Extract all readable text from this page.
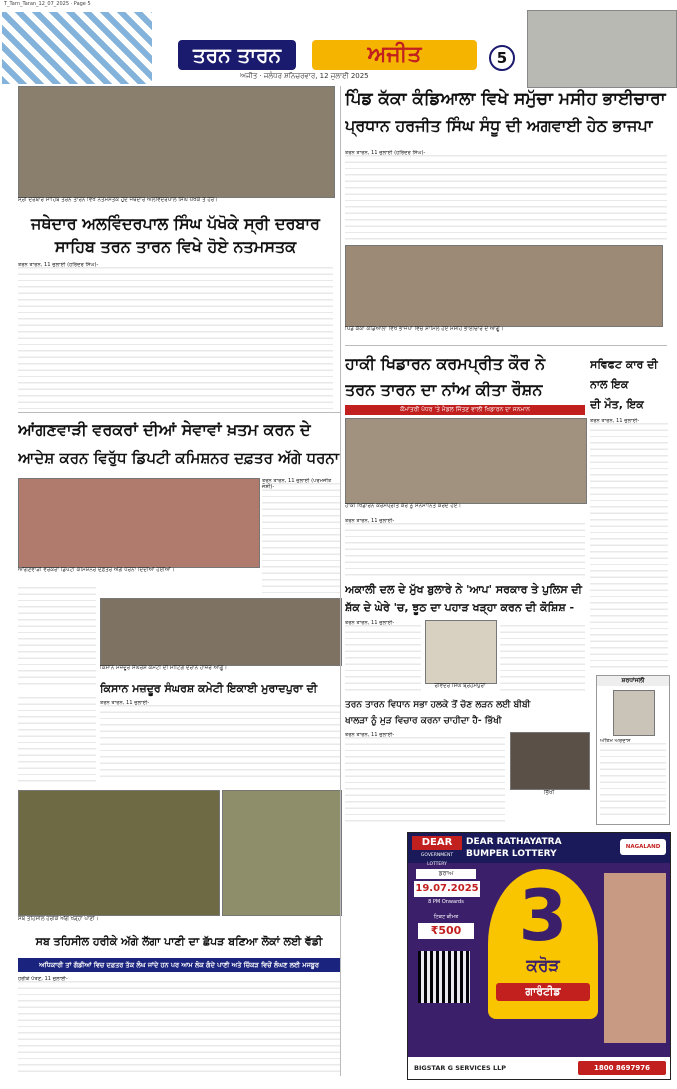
T_Tarn_Taran_12_07_2025 · Page 5
ਤਰਨ ਤਾਰਨ	ਅਜੀਤ	5
ਅਜੀਤ · ਜਲੰਧਰ ਸ਼ਨਿਚਰਵਾਰ, 12 ਜੁਲਾਈ 2025
ਸ੍ਰੀ ਦਰਬਾਰ ਸਾਹਿਬ ਤਰਨ ਤਾਰਨ ਵਿਖੇ ਨਤਮਸਤਕ ਹੁੰਦੇ ਜਥੇਦਾਰ ਅਲਵਿੰਦਰਪਾਲ ਸਿੰਘ ਪੱਖੋਕੇ ਤੇ ਹੋਰ।
ਜਥੇਦਾਰ ਅਲਵਿੰਦਰਪਾਲ ਸਿੰਘ ਪੱਖੋਕੇ ਸ੍ਰੀ ਦਰਬਾਰ
ਸਾਹਿਬ ਤਰਨ ਤਾਰਨ ਵਿਖੇ ਹੋਏ ਨਤਮਸਤਕ
ਤਰਨ ਤਾਰਨ, 11 ਜੁਲਾਈ (ਹਰਿੰਦਰ ਸਿੰਘ)-
ਪਿੰਡ ਕੱਕਾ ਕੰਡਿਆਲਾ ਵਿਖੇ ਸਮੁੱਚਾ ਮਸੀਹ ਭਾਈਚਾਰਾ
ਪ੍ਰਧਾਨ ਹਰਜੀਤ ਸਿੰਘ ਸੰਧੂ ਦੀ ਅਗਵਾਈ ਹੇਠ ਭਾਜਪਾ
ਤਰਨ ਤਾਰਨ, 11 ਜੁਲਾਈ (ਹਰਿੰਦਰ ਸਿੰਘ)-
ਪਿੰਡ ਕੱਕਾ ਕੰਡਿਆਲਾ ਵਿਖੇ ਭਾਜਪਾ ਵਿਚ ਸ਼ਾਮਿਲ ਹੋਏ ਮਸੀਹ ਭਾਈਚਾਰੇ ਦੇ ਆਗੂ।
ਹਾਕੀ ਖਿਡਾਰਨ ਕਰਮਪ੍ਰੀਤ ਕੌਰ ਨੇ
ਤਰਨ ਤਾਰਨ ਦਾ ਨਾਂਅ ਕੀਤਾ ਰੌਸ਼ਨ
ਕੌਮਾਂਤਰੀ ਪੱਧਰ 'ਤੇ ਮੈਡਲ ਜਿੱਤਣ ਵਾਲੀ ਖਿਡਾਰਨ ਦਾ ਸਨਮਾਨ
ਹਾਕੀ ਖਿਡਾਰਨ ਕਰਮਪ੍ਰੀਤ ਕੌਰ ਨੂੰ ਸਨਮਾਨਿਤ ਕਰਦੇ ਹੋਏ।
ਤਰਨ ਤਾਰਨ, 11 ਜੁਲਾਈ-
ਸਵਿਫਟ ਕਾਰ ਦੀ
ਨਾਲ ਇਕ
ਦੀ ਮੌਤ, ਇਕ
ਤਰਨ ਤਾਰਨ, 11 ਜੁਲਾਈ-
ਆਂਗਣਵਾੜੀ ਵਰਕਰਾਂ ਦੀਆਂ ਸੇਵਾਵਾਂ ਖ਼ਤਮ ਕਰਨ ਦੇ
ਆਦੇਸ਼ ਕਰਨ ਵਿਰੁੱਧ ਡਿਪਟੀ ਕਮਿਸ਼ਨਰ ਦਫ਼ਤਰ ਅੱਗੇ ਧਰਨਾ
ਆਂਗਣਵਾੜੀ ਵਰਕਰਾਂ ਡਿਪਟੀ ਕਮਿਸ਼ਨਰ ਦਫ਼ਤਰ ਅੱਗੇ ਧਰਨਾ ਦਿੰਦੀਆਂ ਹੋਈਆਂ।
ਤਰਨ ਤਾਰਨ, 11 ਜੁਲਾਈ (ਪਰਮਜੀਤ ਜੋਸ਼ੀ)-
ਕਿਸਾਨ ਮਜ਼ਦੂਰ ਸੰਘਰਸ਼ ਕਮੇਟੀ ਦੀ ਮੀਟਿੰਗ ਦੌਰਾਨ ਹਾਜ਼ਰ ਆਗੂ।
ਕਿਸਾਨ ਮਜ਼ਦੂਰ ਸੰਘਰਸ਼ ਕਮੇਟੀ ਇਕਾਈ ਮੁਰਾਦਪੁਰਾ ਦੀ
ਤਰਨ ਤਾਰਨ, 11 ਜੁਲਾਈ-
ਅਕਾਲੀ ਦਲ ਦੇ ਮੁੱਖ ਬੁਲਾਰੇ ਨੇ 'ਆਪ' ਸਰਕਾਰ ਤੇ ਪੁਲਿਸ ਦੀ
ਸ਼ੱਕ ਦੇ ਘੇਰੇ 'ਚ, ਝੂਠ ਦਾ ਪਹਾੜ ਖੜ੍ਹਾ ਕਰਨ ਦੀ ਕੋਸ਼ਿਸ਼ -
ਰਵਿੰਦਰ ਸਿੰਘ ਬ੍ਰਹਮਪੁਰਾ
ਤਰਨ ਤਾਰਨ, 11 ਜੁਲਾਈ-
ਤਰਨ ਤਾਰਨ ਵਿਧਾਨ ਸਭਾ ਹਲਕੇ ਤੋਂ ਚੋਣ ਲੜਨ ਲਈ ਬੀਬੀ
ਖਾਲੜਾ ਨੂੰ ਮੁੜ ਵਿਚਾਰ ਕਰਨਾ ਚਾਹੀਦਾ ਹੈ- ਭਿੱਖੀ
ਤਰਨ ਤਾਰਨ, 11 ਜੁਲਾਈ-
ਭਿੱਖੀ
ਸ਼ਰਧਾਂਜਲੀ
ਅੰਤਿਮ ਅਰਦਾਸ
ਸਬ ਤਹਿਸੀਲ ਹਰੀਕੇ ਅੱਗੇ ਖੜ੍ਹਾ ਪਾਣੀ।
ਸਬ ਤਹਿਸੀਲ ਹਰੀਕੇ ਅੱਗੇ ਲੱਗਾ ਪਾਣੀ ਦਾ ਛੱਪੜ ਬਣਿਆ ਲੋਕਾਂ ਲਈ ਵੱਡੀ
ਅਧਿਕਾਰੀ ਤਾਂ ਗੱਡੀਆਂ ਵਿਚ ਦਫ਼ਤਰ ਤੱਕ ਲੰਘ ਜਾਂਦੇ ਹਨ ਪਰ ਆਮ ਲੋਕ ਗੰਦੇ ਪਾਣੀ ਅਤੇ ਚਿੱਕੜ ਵਿਚੋਂ ਲੰਘਣ ਲਈ ਮਜਬੂਰ
ਹਰੀਕੇ ਪੱਤਣ, 11 ਜੁਲਾਈ-
DEAR
GOVERNMENT LOTTERY
DEAR RATHAYATRA
BUMPER LOTTERY
NAGALAND
ਡਰਾਅ
19.07.2025
8 PM Onwards
ਟਿਕਟ ਕੀਮਤ
₹500 3
ਕਰੋੜ
ਗਾਰੰਟੀਡ
BIGSTAR G SERVICES LLP	1800 8697976
